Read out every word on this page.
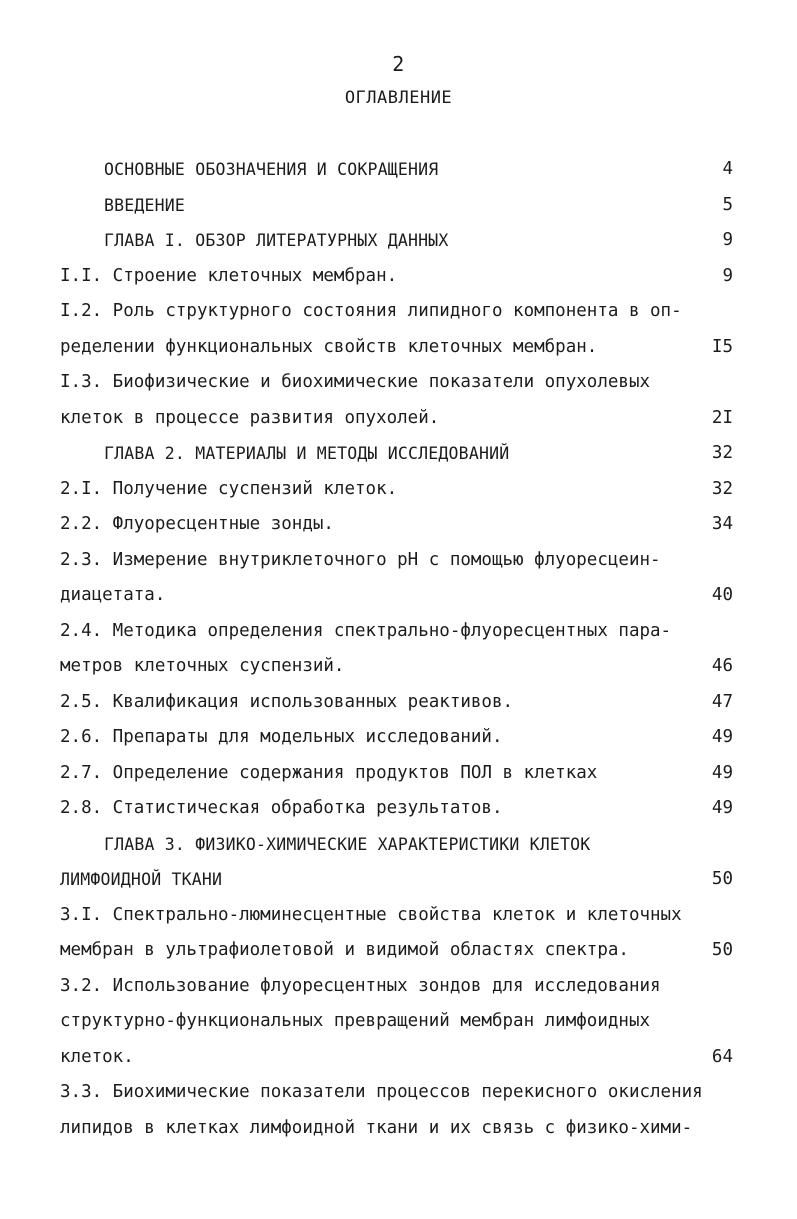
2
ОГЛАВЛЕНИЕ
ОСНОВНЫЕ ОБОЗНАЧЕНИЯ И СОКРАЩЕНИЯ	4
ВВЕДЕНИЕ	5
ГЛАВА I. ОБЗОР ЛИТЕРАТУРНЫХ ДАННЫХ	9
I.I. Строение клеточных мембран.	9
I.2. Роль структурного состояния липидного компонента в оп-
ределении функциональных свойств клеточных мембран.	I5
I.3. Биофизические и биохимические показатели опухолевых
клеток в процессе развития опухолей.	2I
ГЛАВА 2. МАТЕРИАЛЫ И МЕТОДЫ ИССЛЕДОВАНИЙ	32
2.I. Получение суспензий клеток.	32
2.2. Флуоресцентные зонды.	34
2.3. Измерение внутриклеточного pH с помощью флуоресцеин-
диацетата.	40
2.4. Методика определения спектрально-флуоресцентных пара-
метров клеточных суспензий.	46
2.5. Квалификация использованных реактивов.	47
2.6. Препараты для модельных исследований.	49
2.7. Определение содержания продуктов ПОЛ в клетках	49
2.8. Статистическая обработка результатов.	49
ГЛАВА 3. ФИЗИКО-ХИМИЧЕСКИЕ ХАРАКТЕРИСТИКИ КЛЕТОК
ЛИМФОИДНОЙ ТКАНИ	50
3.I. Спектрально-люминесцентные свойства клеток и клеточных
мембран в ультрафиолетовой и видимой областях спектра.	50
3.2. Использование флуоресцентных зондов для исследования
структурно-функциональных превращений мембран лимфоидных
клеток.	64
3.3. Биохимические показатели процессов перекисного окисления
липидов в клетках лимфоидной ткани и их связь с физико-хими-
